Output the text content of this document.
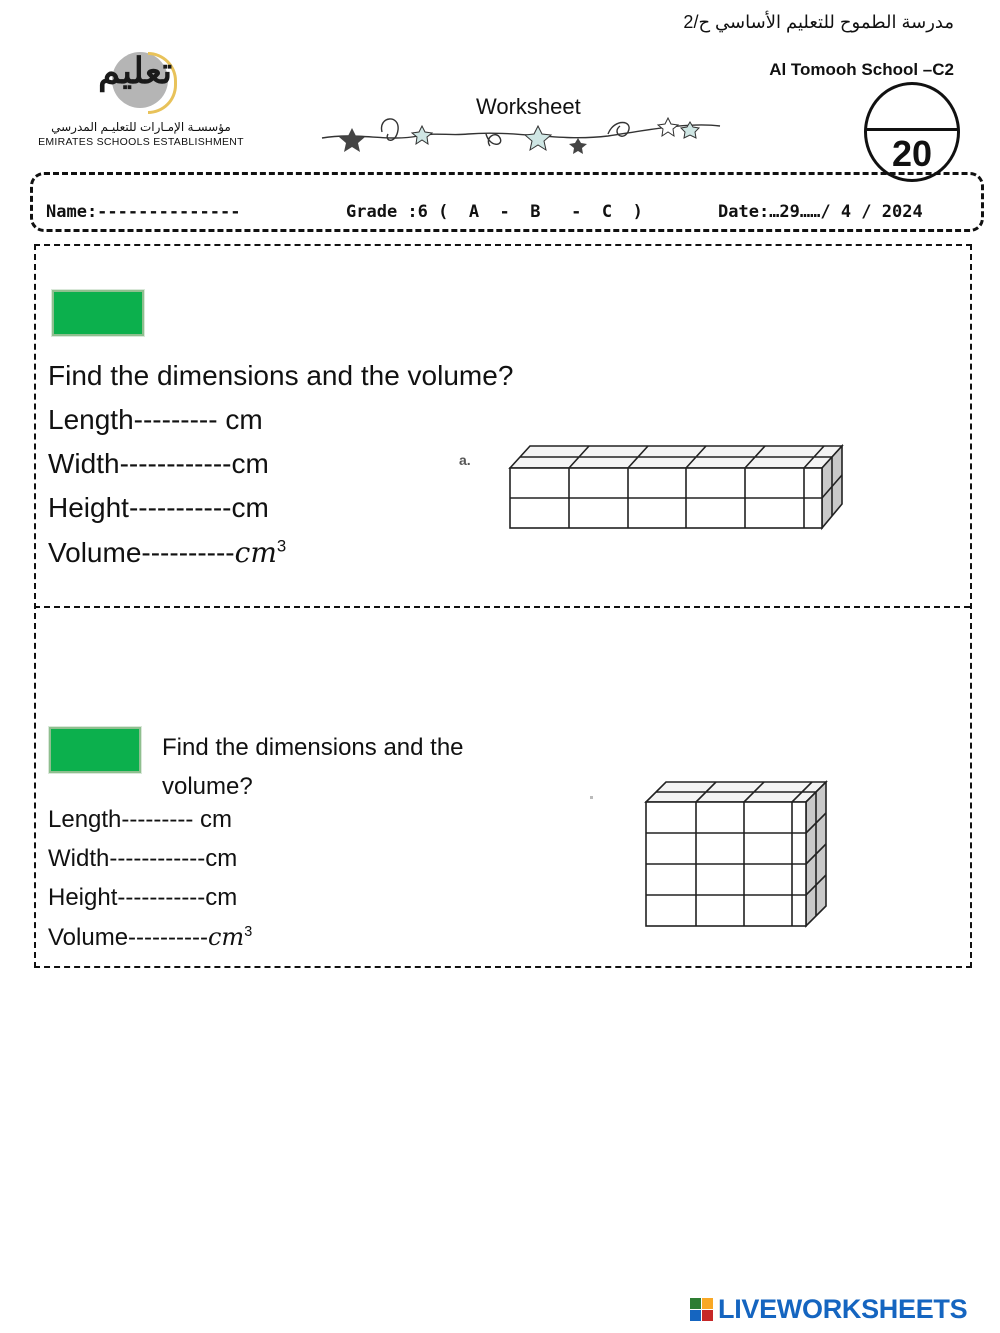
مدرسة الطموح للتعليم الأساسي ح/2
Al Tomooh School –C2
تعليم
مؤسسـة الإمـارات للتعليـم المدرسي
EMIRATES SCHOOLS ESTABLISHMENT
Worksheet
20
Name:--------------	Grade :6 (  A  -  B   -  C  )	Date:…29……/ 4 / 2024
Find the dimensions and the volume?
Length--------- cm
Width------------cm
Height-----------cm
Volume-$---------cm^3$
a.
Find the dimensions and the volume?
Length--------- cm
Width------------cm
Height-----------cm
Volume-$---------cm^3$
LIVEWORKSHEETS
